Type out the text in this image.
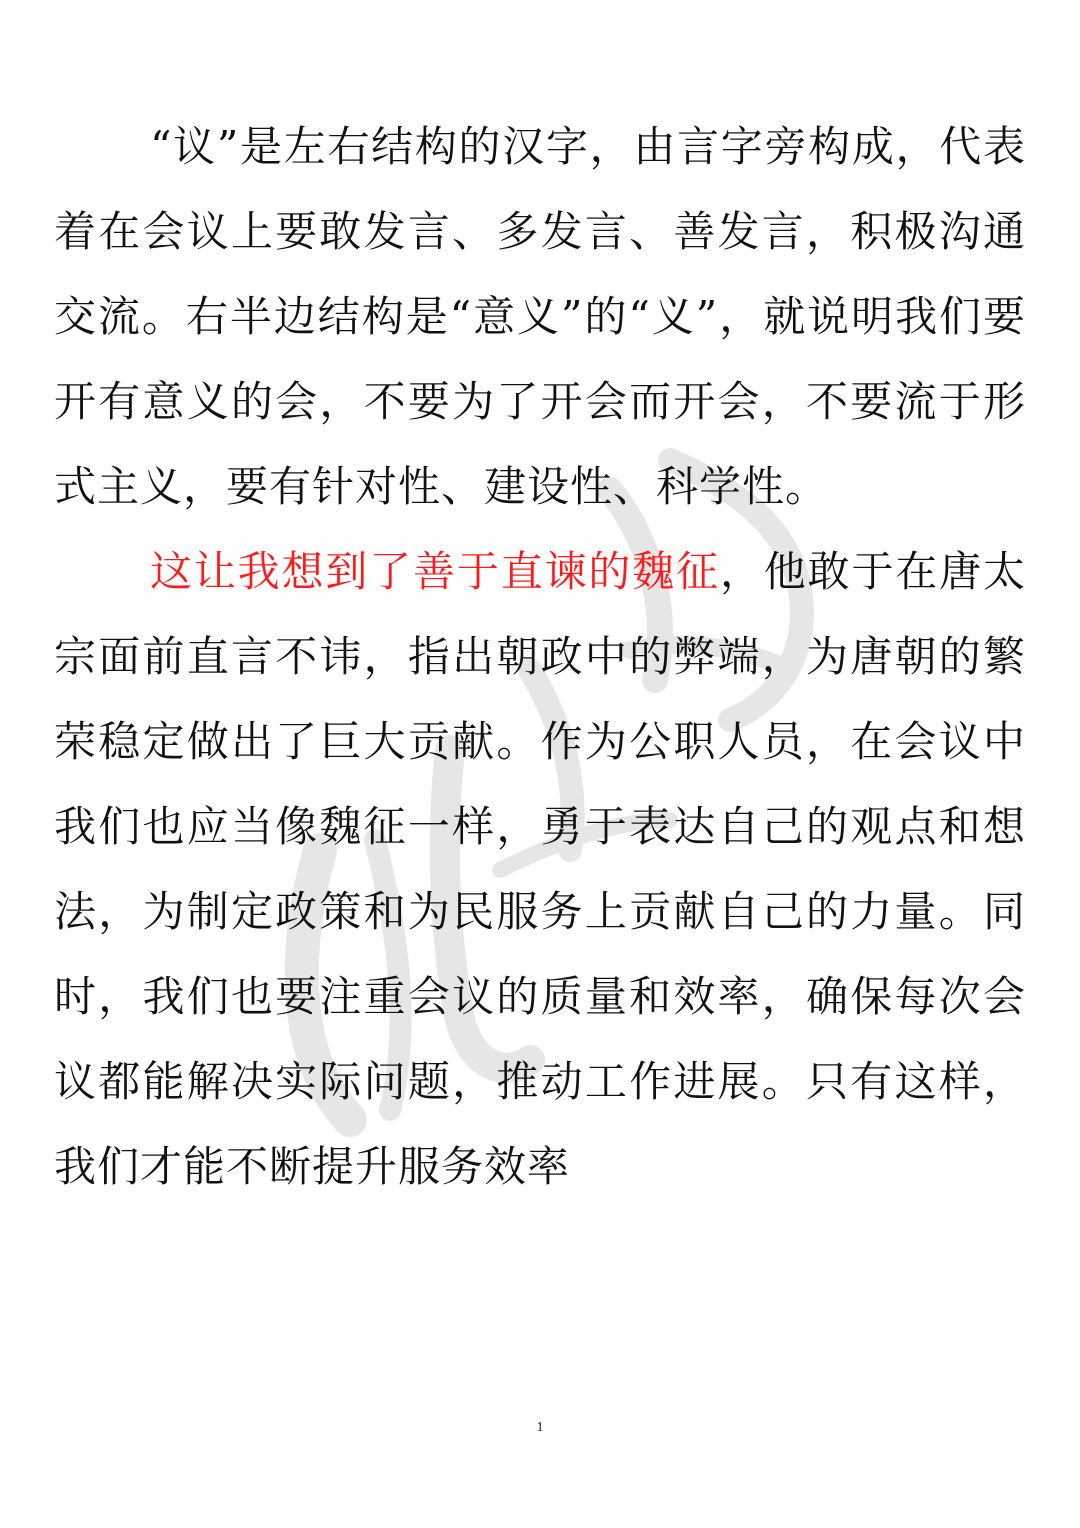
“议”是左右结构的汉字，由言字旁构成，代表着在会议上要敢发言、多发言、善发言，积极沟通交流。右半边结构是“意义”的“义”，就说明我们要开有意义的会，不要为了开会而开会，不要流于形式主义，要有针对性、建设性、科学性。

这让我想到了善于直谏的魏征，他敢于在唐太宗面前直言不讳，指出朝政中的弊端，为唐朝的繁荣稳定做出了巨大贡献。作为公职人员，在会议中我们也应当像魏征一样，勇于表达自己的观点和想法，为制定政策和为民服务上贡献自己的力量。同时，我们也要注重会议的质量和效率，确保每次会议都能解决实际问题，推动工作进展。只有这样，我们才能不断提升服务效率

1
